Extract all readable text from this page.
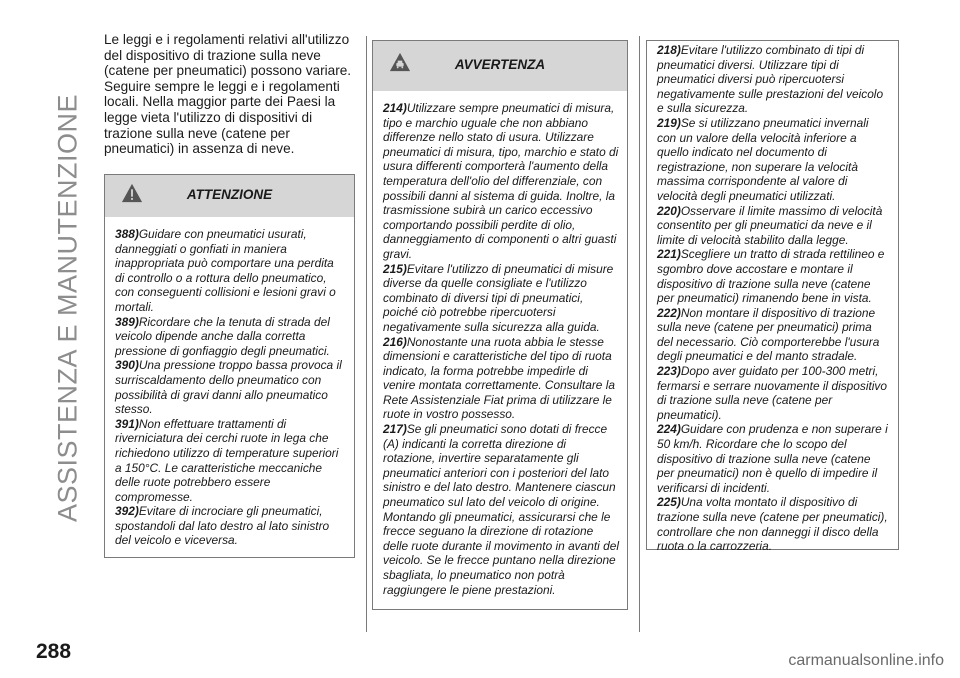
ASSISTENZA E MANUTENZIONE

Le leggi e i regolamenti relativi all'utilizzo del dispositivo di trazione sulla neve (catene per pneumatici) possono variare. Seguire sempre le leggi e i regolamenti locali. Nella maggior parte dei Paesi la legge vieta l'utilizzo di dispositivi di trazione sulla neve (catene per pneumatici) in assenza di neve.

ATTENZIONE

388)Guidare con pneumatici usurati, danneggiati o gonfiati in maniera inappropriata può comportare una perdita di controllo o a rottura dello pneumatico, con conseguenti collisioni e lesioni gravi o mortali.

389)Ricordare che la tenuta di strada del veicolo dipende anche dalla corretta pressione di gonfiaggio degli pneumatici.

390)Una pressione troppo bassa provoca il surriscaldamento dello pneumatico con possibilità di gravi danni allo pneumatico stesso.

391)Non effettuare trattamenti di riverniciatura dei cerchi ruote in lega che richiedono utilizzo di temperature superiori a 150°C. Le caratteristiche meccaniche delle ruote potrebbero essere compromesse.

392)Evitare di incrociare gli pneumatici, spostandoli dal lato destro al lato sinistro del veicolo e viceversa.

AVVERTENZA

214)Utilizzare sempre pneumatici di misura, tipo e marchio uguale che non abbiano differenze nello stato di usura. Utilizzare pneumatici di misura, tipo, marchio e stato di usura differenti comporterà l'aumento della temperatura dell'olio del differenziale, con possibili danni al sistema di guida. Inoltre, la trasmissione subirà un carico eccessivo comportando possibili perdite di olio, danneggiamento di componenti o altri guasti gravi.

215)Evitare l'utilizzo di pneumatici di misure diverse da quelle consigliate e l'utilizzo combinato di diversi tipi di pneumatici, poiché ciò potrebbe ripercuotersi negativamente sulla sicurezza alla guida.

216)Nonostante una ruota abbia le stesse dimensioni e caratteristiche del tipo di ruota indicato, la forma potrebbe impedirle di venire montata correttamente. Consultare la Rete Assistenziale Fiat prima di utilizzare le ruote in vostro possesso.

217)Se gli pneumatici sono dotati di frecce (A) indicanti la corretta direzione di rotazione, invertire separatamente gli pneumatici anteriori con i posteriori del lato sinistro e del lato destro. Mantenere ciascun pneumatico sul lato del veicolo di origine. Montando gli pneumatici, assicurarsi che le frecce seguano la direzione di rotazione delle ruote durante il movimento in avanti del veicolo. Se le frecce puntano nella direzione sbagliata, lo pneumatico non potrà raggiungere le piene prestazioni.

218)Evitare l'utilizzo combinato di tipi di pneumatici diversi. Utilizzare tipi di pneumatici diversi può ripercuotersi negativamente sulle prestazioni del veicolo e sulla sicurezza.

219)Se si utilizzano pneumatici invernali con un valore della velocità inferiore a quello indicato nel documento di registrazione, non superare la velocità massima corrispondente al valore di velocità degli pneumatici utilizzati.

220)Osservare il limite massimo di velocità consentito per gli pneumatici da neve e il limite di velocità stabilito dalla legge.

221)Scegliere un tratto di strada rettilineo e sgombro dove accostare e montare il dispositivo di trazione sulla neve (catene per pneumatici) rimanendo bene in vista.

222)Non montare il dispositivo di trazione sulla neve (catene per pneumatici) prima del necessario. Ciò comporterebbe l'usura degli pneumatici e del manto stradale.

223)Dopo aver guidato per 100-300 metri, fermarsi e serrare nuovamente il dispositivo di trazione sulla neve (catene per pneumatici).

224)Guidare con prudenza e non superare i 50 km/h. Ricordare che lo scopo del dispositivo di trazione sulla neve (catene per pneumatici) non è quello di impedire il verificarsi di incidenti.

225)Una volta montato il dispositivo di trazione sulla neve (catene per pneumatici), controllare che non danneggi il disco della ruota o la carrozzeria.

288	carmanualsonline.info
